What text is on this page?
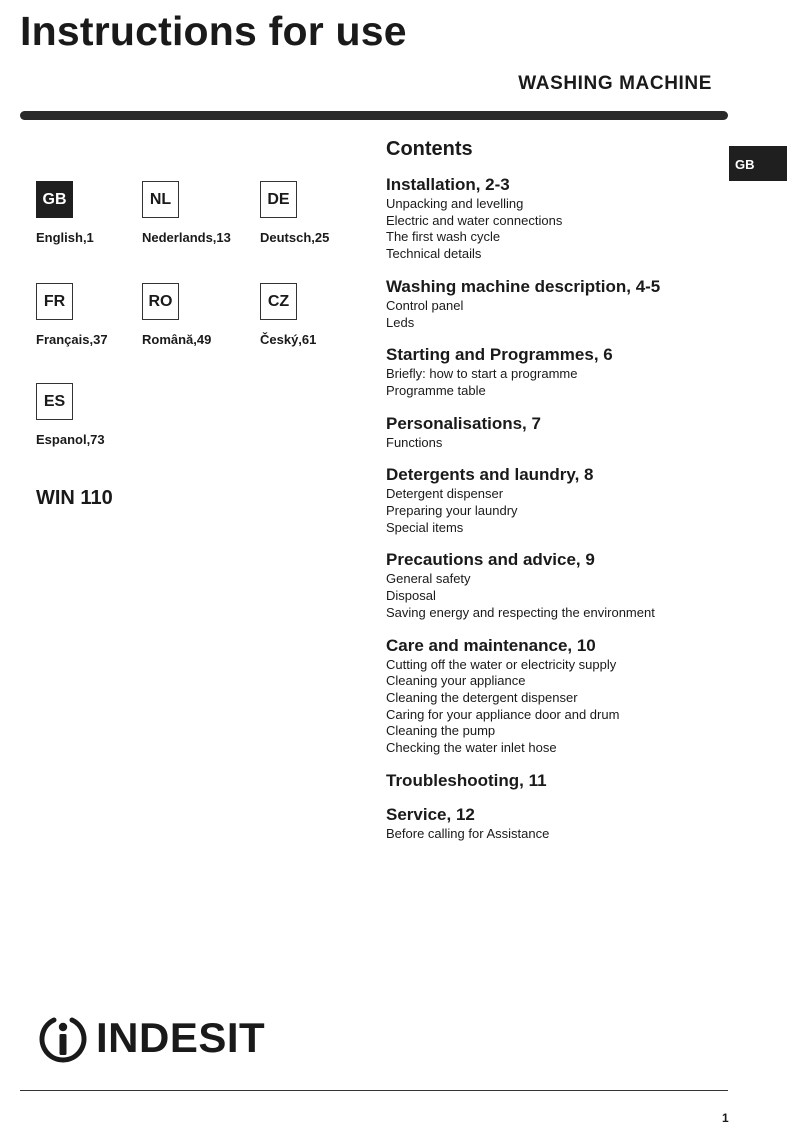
Instructions for use
WASHING MACHINE
GB
GB
English,1
NL
Nederlands,13
DE
Deutsch,25
FR
Français,37
RO
Română,49
CZ
Český,61
ES
Espanol,73
WIN 110
Contents
Installation, 2-3
Unpacking and levelling
Electric and water connections
The first wash cycle
Technical details
Washing machine description, 4-5
Control panel
Leds
Starting and Programmes, 6
Briefly: how to start a programme
Programme table
Personalisations, 7
Functions
Detergents and laundry, 8
Detergent dispenser
Preparing your laundry
Special items
Precautions and advice, 9
General safety
Disposal
Saving energy and respecting the environment
Care and maintenance, 10
Cutting off the water or electricity supply
Cleaning your appliance
Cleaning the detergent dispenser
Caring for your appliance door and drum
Cleaning the pump
Checking the water inlet hose
Troubleshooting, 11
Service, 12
Before calling for Assistance
INDESIT
1
